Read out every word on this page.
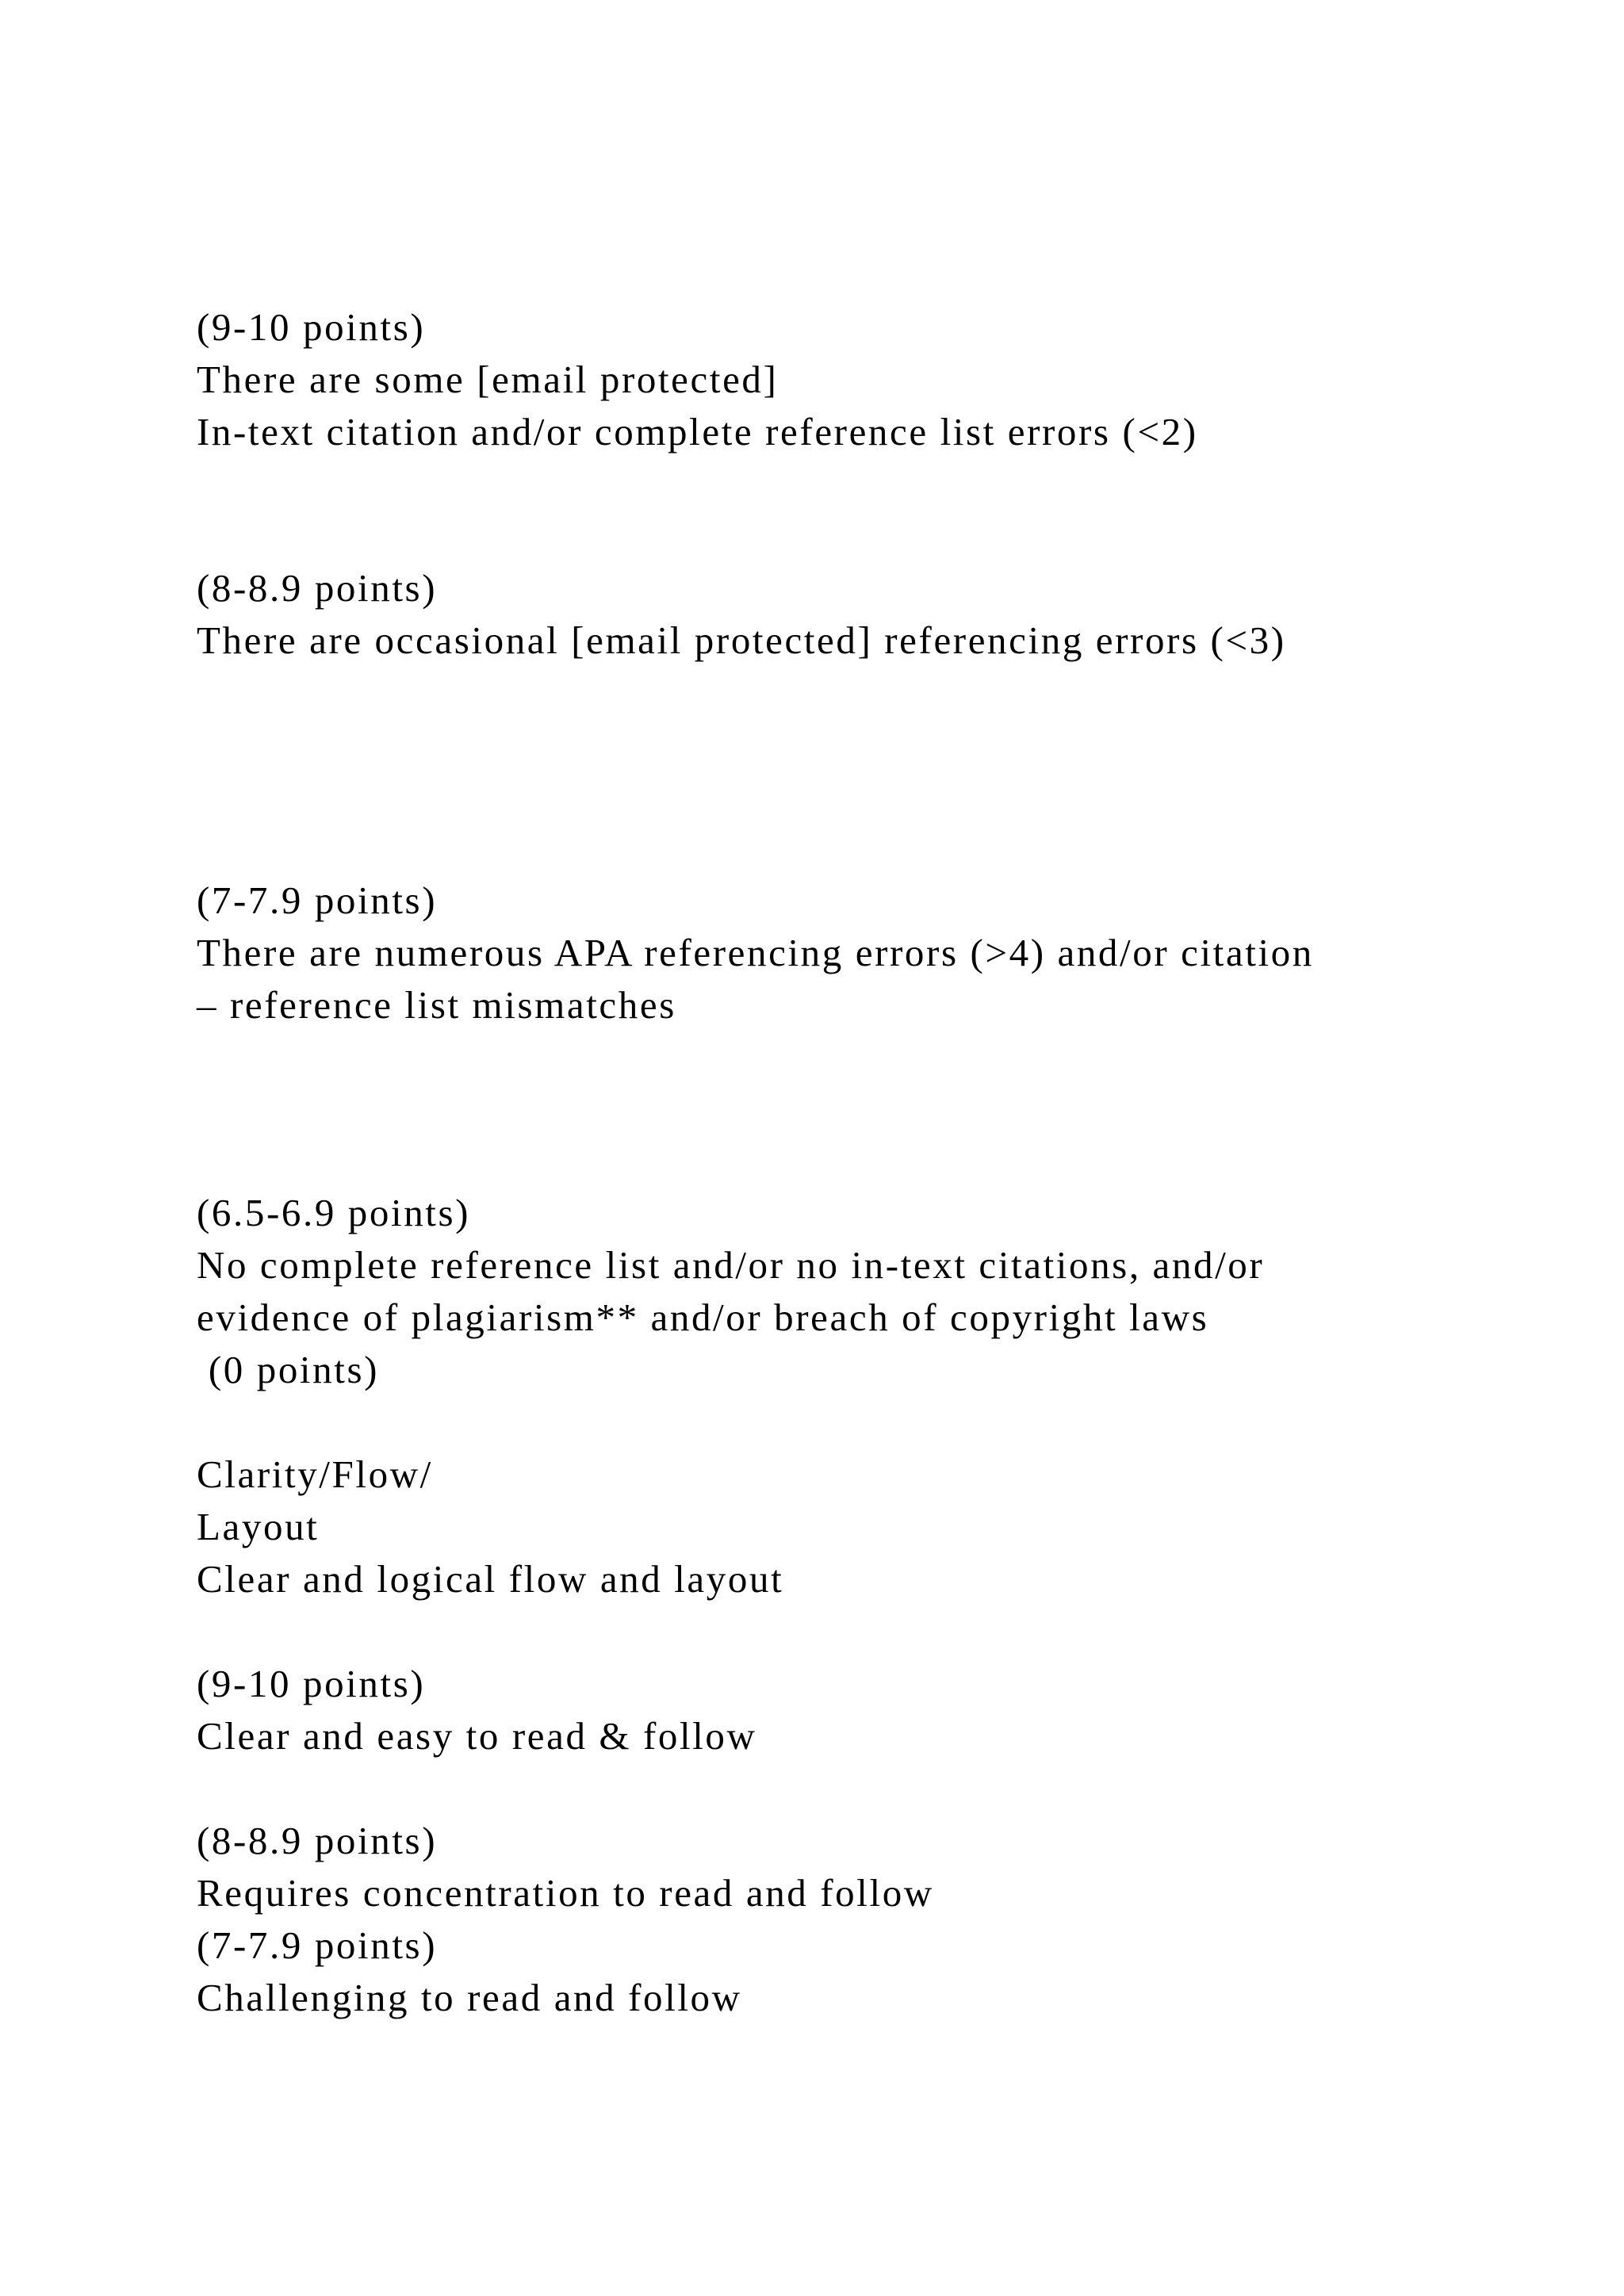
(9-10 points)

There are some [email protected]

In-text citation and/or complete reference list errors (<2)

(8-8.9 points)

There are occasional [email protected] referencing errors (<3)

(7-7.9 points)

There are numerous APA referencing errors (>4) and/or citation

– reference list mismatches

(6.5-6.9 points)

No complete reference list and/or no in-text citations, and/or

evidence of plagiarism** and/or breach of copyright laws

(0 points)

Clarity/Flow/

Layout

Clear and logical flow and layout

(9-10 points)

Clear and easy to read & follow

(8-8.9 points)

Requires concentration to read and follow

(7-7.9 points)

Challenging to read and follow
